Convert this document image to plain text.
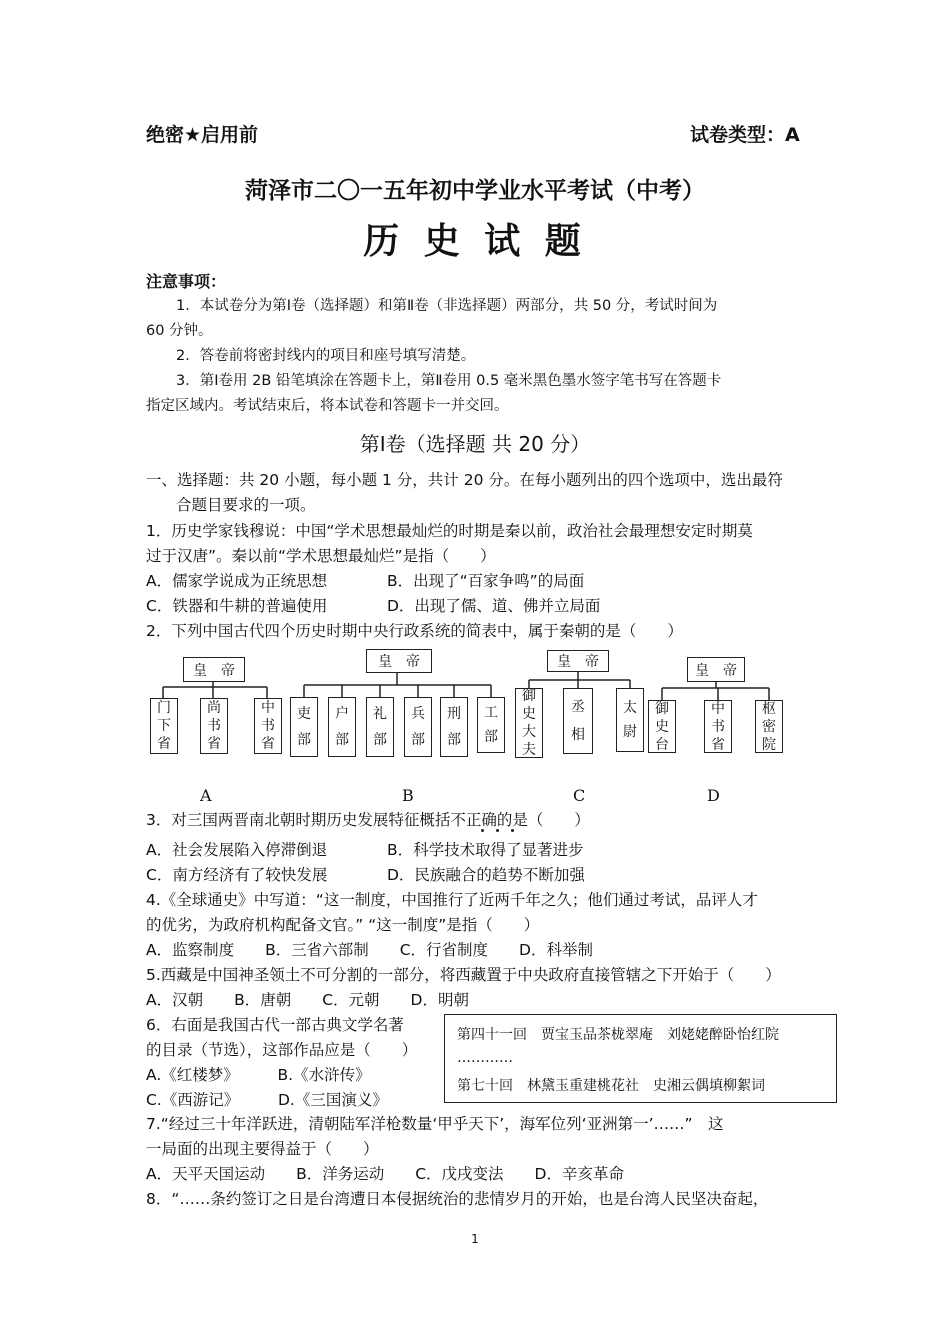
绝密★启用前	试卷类型：A
菏泽市二〇一五年初中学业水平考试（中考）
历 史 试 题
注意事项：
1．本试卷分为第Ⅰ卷（选择题）和第Ⅱ卷（非选择题）两部分，共 50 分，考试时间为
60 分钟。
2．答卷前将密封线内的项目和座号填写清楚。
3．第Ⅰ卷用 2B 铅笔填涂在答题卡上，第Ⅱ卷用 0.5 毫米黑色墨水签字笔书写在答题卡
指定区域内。考试结束后，将本试卷和答题卡一并交回。
第Ⅰ卷（选择题 共 20 分）
一、选择题：共 20 小题，每小题 1 分，共计 20 分。在每小题列出的四个选项中，选出最符
合题目要求的一项。
1．历史学家钱穆说：中国“学术思想最灿烂的时期是秦以前，政治社会最理想安定时期莫
过于汉唐”。秦以前“学术思想最灿烂”是指（　　）
A．儒家学说成为正统思想	B．出现了“百家争鸣”的局面
C．铁器和牛耕的普遍使用	D．出现了儒、道、佛并立局面
2．下列中国古代四个历史时期中央行政系统的简表中，属于秦朝的是（　　）
皇　帝
门
下
省
尚
书
省
中
书
省
皇　帝
吏
部
户
部
礼
部
兵
部
刑
部
工
部
皇　帝
御
史
大
夫
丞
相
太
尉
皇　帝
御
史
台
中
书
省
枢
密
院
A	B	C	D
3．对三国两晋南北朝时期历史发展特征概括不正确的是（　　）
A．社会发展陷入停滞倒退	B．科学技术取得了显著进步
C．南方经济有了较快发展	D．民族融合的趋势不断加强
4.《全球通史》中写道：“这一制度，中国推行了近两千年之久；他们通过考试，品评人才
的优劣，为政府机构配备文官。” “这一制度”是指（　　）
A．监察制度　　B．三省六部制　　C．行省制度　　D．科举制
5.西藏是中国神圣领土不可分割的一部分，将西藏置于中央政府直接管辖之下开始于（　　）
A．汉朝　　B．唐朝　　C．元朝　　D．明朝
6．右面是我国古代一部古典文学名著
的目录（节选），这部作品应是（　　）
A.《红楼梦》　　　B.《水浒传》
C.《西游记》　　　D.《三国演义》
第四十一回　贾宝玉品茶栊翠庵　刘姥姥醉卧怡红院
…………
第七十回　林黛玉重建桃花社　史湘云偶填柳絮词
7.“经过三十年洋跃进，清朝陆军洋枪数量‘甲乎天下’，海军位列‘亚洲第一’……”　这
一局面的出现主要得益于（　　）
A．天平天国运动　　B．洋务运动　　C．戊戌变法　　D．辛亥革命
8．“……条约签订之日是台湾遭日本侵据统治的悲情岁月的开始，也是台湾人民坚决奋起，
1
